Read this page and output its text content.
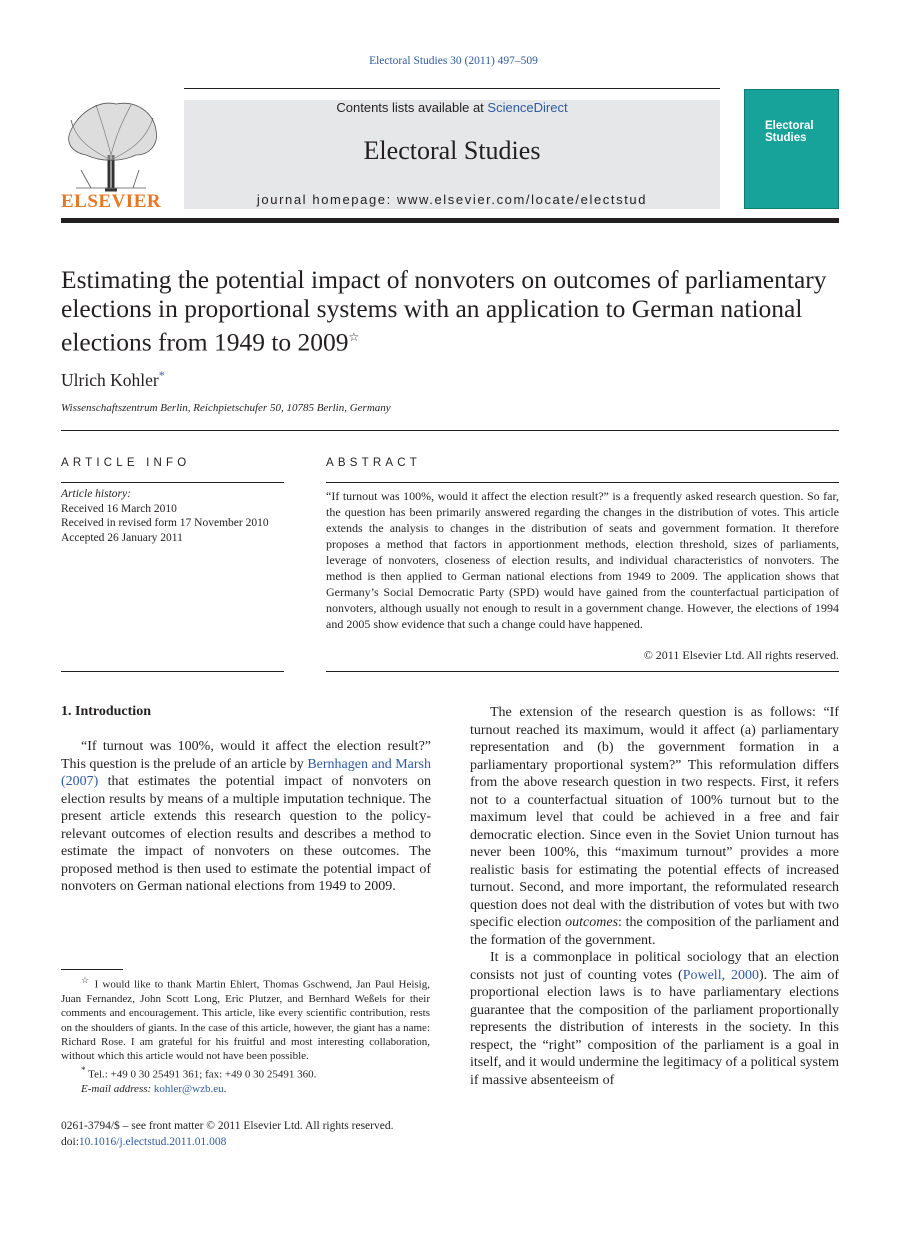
Electoral Studies 30 (2011) 497–509
ELSEVIER
Contents lists available at ScienceDirect
Electoral Studies
journal homepage: www.elsevier.com/locate/electstud
Electoral Studies
Estimating the potential impact of nonvoters on outcomes of parliamentary elections in proportional systems with an application to German national elections from 1949 to 2009☆
Ulrich Kohler*
Wissenschaftszentrum Berlin, Reichpietschufer 50, 10785 Berlin, Germany
ARTICLE INFO	ABSTRACT
Article history:
Received 16 March 2010
Received in revised form 17 November 2010
Accepted 26 January 2011
“If turnout was 100%, would it affect the election result?” is a frequently asked research question. So far, the question has been primarily answered regarding the changes in the distribution of votes. This article extends the analysis to changes in the distribution of seats and government formation. It therefore proposes a method that factors in apportionment methods, election threshold, sizes of parliaments, leverage of nonvoters, closeness of election results, and individual characteristics of nonvoters. The method is then applied to German national elections from 1949 to 2009. The application shows that Germany’s Social Democratic Party (SPD) would have gained from the counterfactual participation of nonvoters, although usually not enough to result in a government change. However, the elections of 1994 and 2005 show evidence that such a change could have happened.
© 2011 Elsevier Ltd. All rights reserved.
1. Introduction

“If turnout was 100%, would it affect the election result?” This question is the prelude of an article by Bernhagen and Marsh (2007) that estimates the potential impact of nonvoters on election results by means of a multiple imputation technique. The present article extends this research question to the policy-relevant outcomes of election results and describes a method to estimate the impact of nonvoters on these outcomes. The proposed method is then used to estimate the potential impact of nonvoters on German national elections from 1949 to 2009.

The extension of the research question is as follows: “If turnout reached its maximum, would it affect (a) parliamentary representation and (b) the government formation in a parliamentary proportional system?” This reformulation differs from the above research question in two respects. First, it refers not to a counterfactual situation of 100% turnout but to the maximum level that could be achieved in a free and fair democratic election. Since even in the Soviet Union turnout has never been 100%, this “maximum turnout” provides a more realistic basis for estimating the potential effects of increased turnout. Second, and more important, the reformulated research question does not deal with the distribution of votes but with two specific election outcomes: the composition of the parliament and the formation of the government.

It is a commonplace in political sociology that an election consists not just of counting votes (Powell, 2000). The aim of proportional election laws is to have parliamentary elections guarantee that the composition of the parliament proportionally represents the distribution of interests in the society. In this respect, the “right” composition of the parliament is a goal in itself, and it would undermine the legitimacy of a political system if massive absenteeism of

☆ I would like to thank Martin Ehlert, Thomas Gschwend, Jan Paul Heisig, Juan Fernandez, John Scott Long, Eric Plutzer, and Bernhard Weßels for their comments and encouragement. This article, like every scientific contribution, rests on the shoulders of giants. In the case of this article, however, the giant has a name: Richard Rose. I am grateful for his fruitful and most interesting collaboration, without which this article would not have been possible.

* Tel.: +49 0 30 25491 361; fax: +49 0 30 25491 360.

E-mail address: kohler@wzb.eu.

0261-3794/$ – see front matter © 2011 Elsevier Ltd. All rights reserved.
doi:10.1016/j.electstud.2011.01.008
